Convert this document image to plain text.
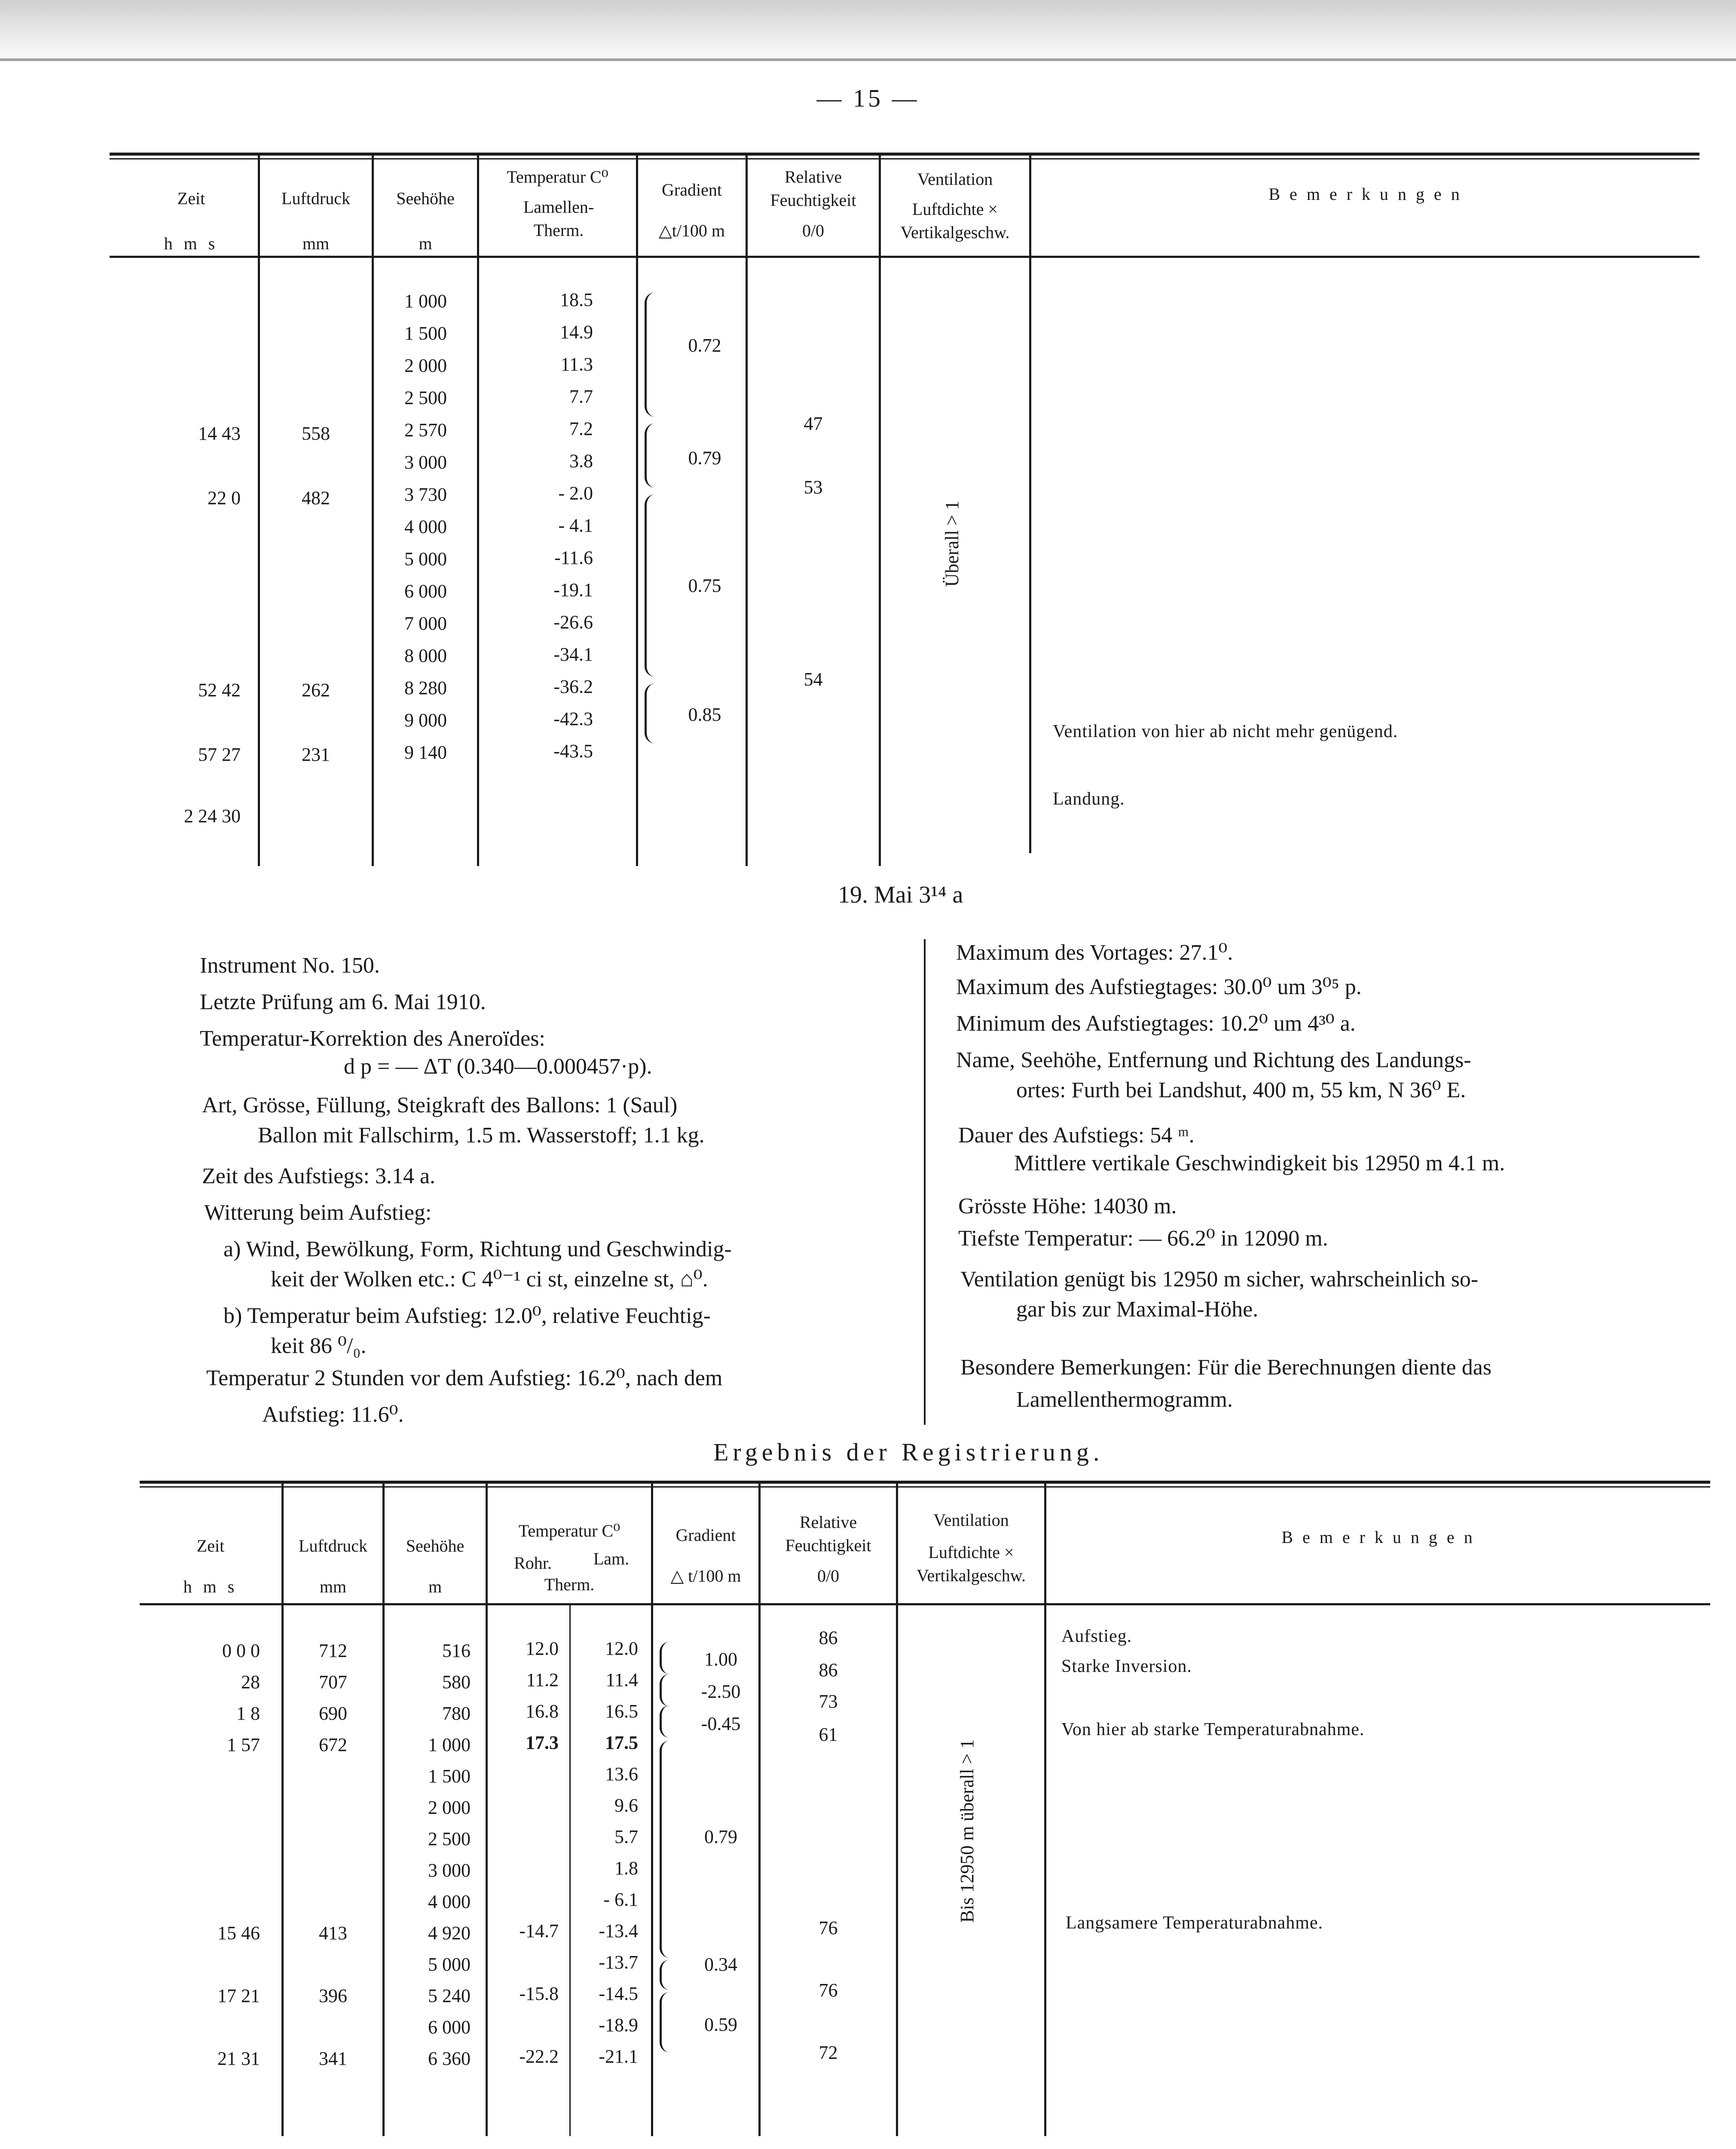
— 15 —
Zeit
h m s
Luftdruck
mm
Seehöhe
m
Temperatur C⁰
Lamellen-Therm.
Gradient
△t/100 m
Relative Feuchtigkeit
0/0
Ventilation
Luftdichte × Vertikalgeschw.
B e m e r k u n g e n
14 43
22 0
52 42
57 27
2 24 30
558
482
262
231
1 000
1 500
2 000
2 500
2 570
3 000
3 730
4 000
5 000
6 000
7 000
8 000
8 280
9 000
9 140
18.5
14.9
11.3
7.7
7.2
3.8
- 2.0
- 4.1
-11.6
-19.1
-26.6
-34.1
-36.2
-42.3
-43.5
0.72
0.79
0.75
0.85
47
53
54
Überall > 1
Ventilation von hier ab nicht mehr genügend.
Landung.
19. Mai 3¹⁴ a
Instrument No. 150.
Letzte Prüfung am 6. Mai 1910.
Temperatur-Korrektion des Aneroïdes:
d p = — ΔT (0.340—0.000457·p).
Art, Grösse, Füllung, Steigkraft des Ballons: 1 (Saul)
Ballon mit Fallschirm, 1.5 m. Wasserstoff; 1.1 kg.
Zeit des Aufstiegs: 3.14 a.
Witterung beim Aufstieg:
a) Wind, Bewölkung, Form, Richtung und Geschwindig-
keit der Wolken etc.: C 4⁰⁻¹ ci st, einzelne st, ⌂⁰.
b) Temperatur beim Aufstieg: 12.0⁰, relative Feuchtig-
keit 86 ⁰/₀.
Temperatur 2 Stunden vor dem Aufstieg: 16.2⁰, nach dem
Aufstieg: 11.6⁰.
Maximum des Vortages: 27.1⁰.
Maximum des Aufstiegtages: 30.0⁰ um 3⁰⁵ p.
Minimum des Aufstiegtages: 10.2⁰ um 4³⁰ a.
Name, Seehöhe, Entfernung und Richtung des Landungs-
ortes: Furth bei Landshut, 400 m, 55 km, N 36⁰ E.
Dauer des Aufstiegs: 54 ᵐ.
Mittlere vertikale Geschwindigkeit bis 12950 m 4.1 m.
Grösste Höhe: 14030 m.
Tiefste Temperatur: — 66.2⁰ in 12090 m.
Ventilation genügt bis 12950 m sicher, wahrscheinlich so-
gar bis zur Maximal-Höhe.
Besondere Bemerkungen: Für die Berechnungen diente das
Lamellenthermogramm.
Ergebnis der Registrierung.
Zeit
h m s
Luftdruck
mm
Seehöhe
m
Temperatur C⁰
Rohr.	Lam.
Therm.
Gradient
△ t/100 m
Relative Feuchtigkeit
0/0
Ventilation
Luftdichte × Vertikalgeschw.
B e m e r k u n g e n
0 0 0
28
1 8
1 57
15 46
17 21
21 31
712
707
690
672
413
396
341
516
580
780
1 000
1 500
2 000
2 500
3 000
4 000
4 920
5 000
5 240
6 000
6 360
12.0
11.2
16.8
17.3
-14.7
-15.8
-22.2
12.0
11.4
16.5
17.5
13.6
9.6
5.7
1.8
- 6.1
-13.4
-13.7
-14.5
-18.9
-21.1
1.00
-2.50
-0.45
0.79
0.34
0.59
86
86
73
61
76
76
72
Bis 12950 m überall > 1
Aufstieg.
Starke Inversion.
Von hier ab starke Temperaturabnahme.
Langsamere Temperaturabnahme.
